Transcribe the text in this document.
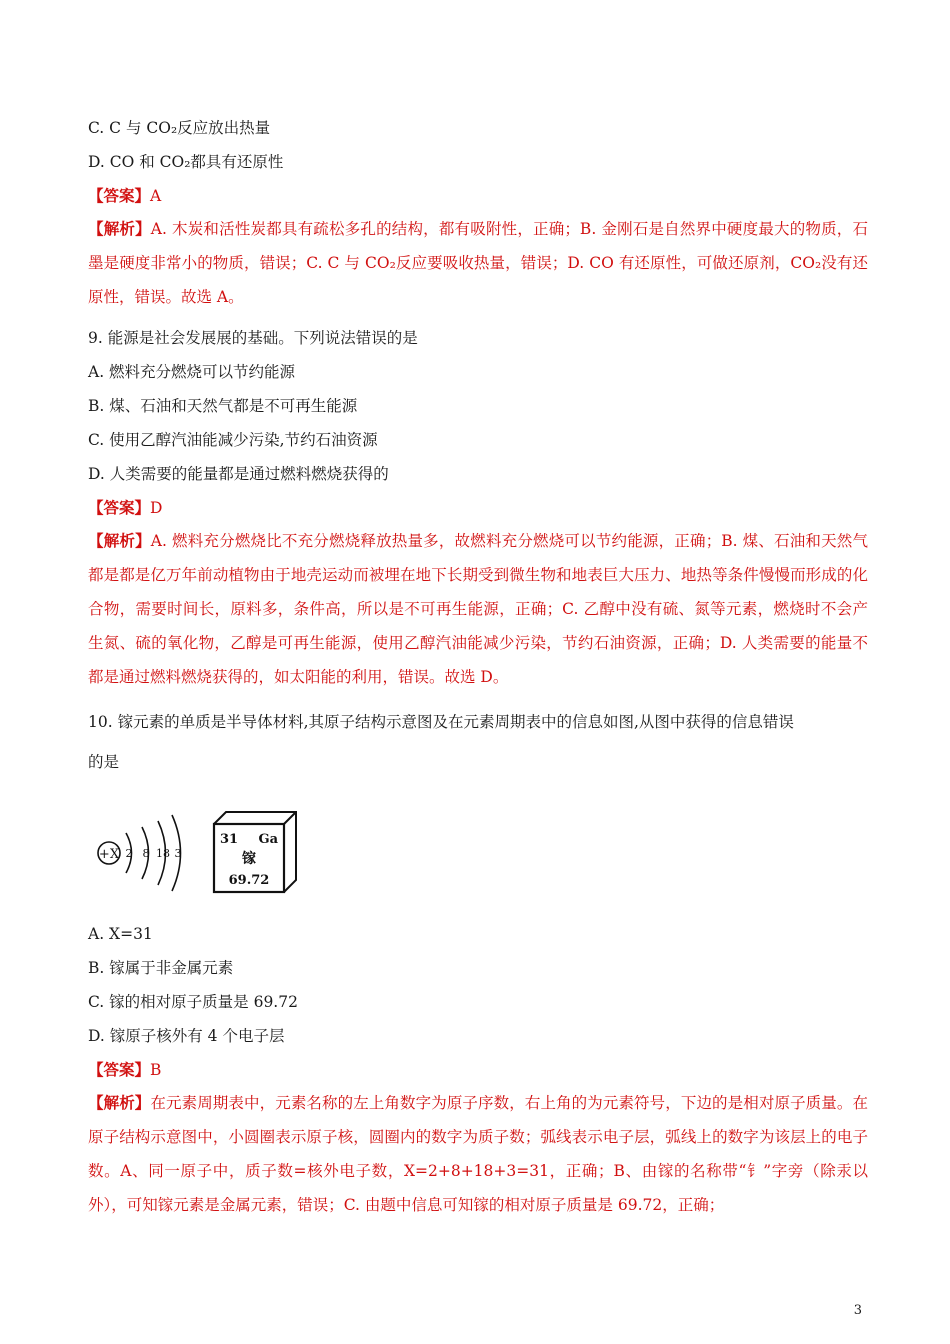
C. C 与 CO₂反应放出热量
D. CO 和 CO₂都具有还原性
【答案】A
【解析】A. 木炭和活性炭都具有疏松多孔的结构，都有吸附性，正确；B. 金刚石是自然界中硬度最大的物质，石墨是硬度非常小的物质，错误；C. C 与 CO₂反应要吸收热量，错误；D. CO 有还原性，可做还原剂，CO₂没有还原性，错误。故选 A。
9. 能源是社会发展展的基础。下列说法错误的是
A. 燃料充分燃烧可以节约能源
B. 煤、石油和天然气都是不可再生能源
C. 使用乙醇汽油能减少污染,节约石油资源
D. 人类需要的能量都是通过燃料燃烧获得的
【答案】D
【解析】A. 燃料充分燃烧比不充分燃烧释放热量多，故燃料充分燃烧可以节约能源，正确；B. 煤、石油和天然气都是都是亿万年前动植物由于地壳运动而被埋在地下长期受到微生物和地表巨大压力、地热等条件慢慢而形成的化合物，需要时间长，原料多，条件高，所以是不可再生能源，正确；C. 乙醇中没有硫、氮等元素，燃烧时不会产生氮、硫的氧化物，乙醇是可再生能源，使用乙醇汽油能减少污染，节约石油资源，正确；D. 人类需要的能量不都是通过燃料燃烧获得的，如太阳能的利用，错误。故选 D。
10. 镓元素的单质是半导体材料,其原子结构示意图及在元素周期表中的信息如图,从图中获得的信息错误
的是
+X 2 8 18 3
31 Ga
镓
69.72
A. X=31
B. 镓属于非金属元素
C. 镓的相对原子质量是 69.72
D. 镓原子核外有 4 个电子层
【答案】B
【解析】在元素周期表中，元素名称的左上角数字为原子序数，右上角的为元素符号，下边的是相对原子质量。在原子结构示意图中，小圆圈表示原子核，圆圈内的数字为质子数；弧线表示电子层，弧线上的数字为该层上的电子数。A、同一原子中，质子数=核外电子数，X=2+8+18+3=31，正确；B、由镓的名称带“钅”字旁（除汞以外），可知镓元素是金属元素，错误；C. 由题中信息可知镓的相对原子质量是 69.72，正确；
3
